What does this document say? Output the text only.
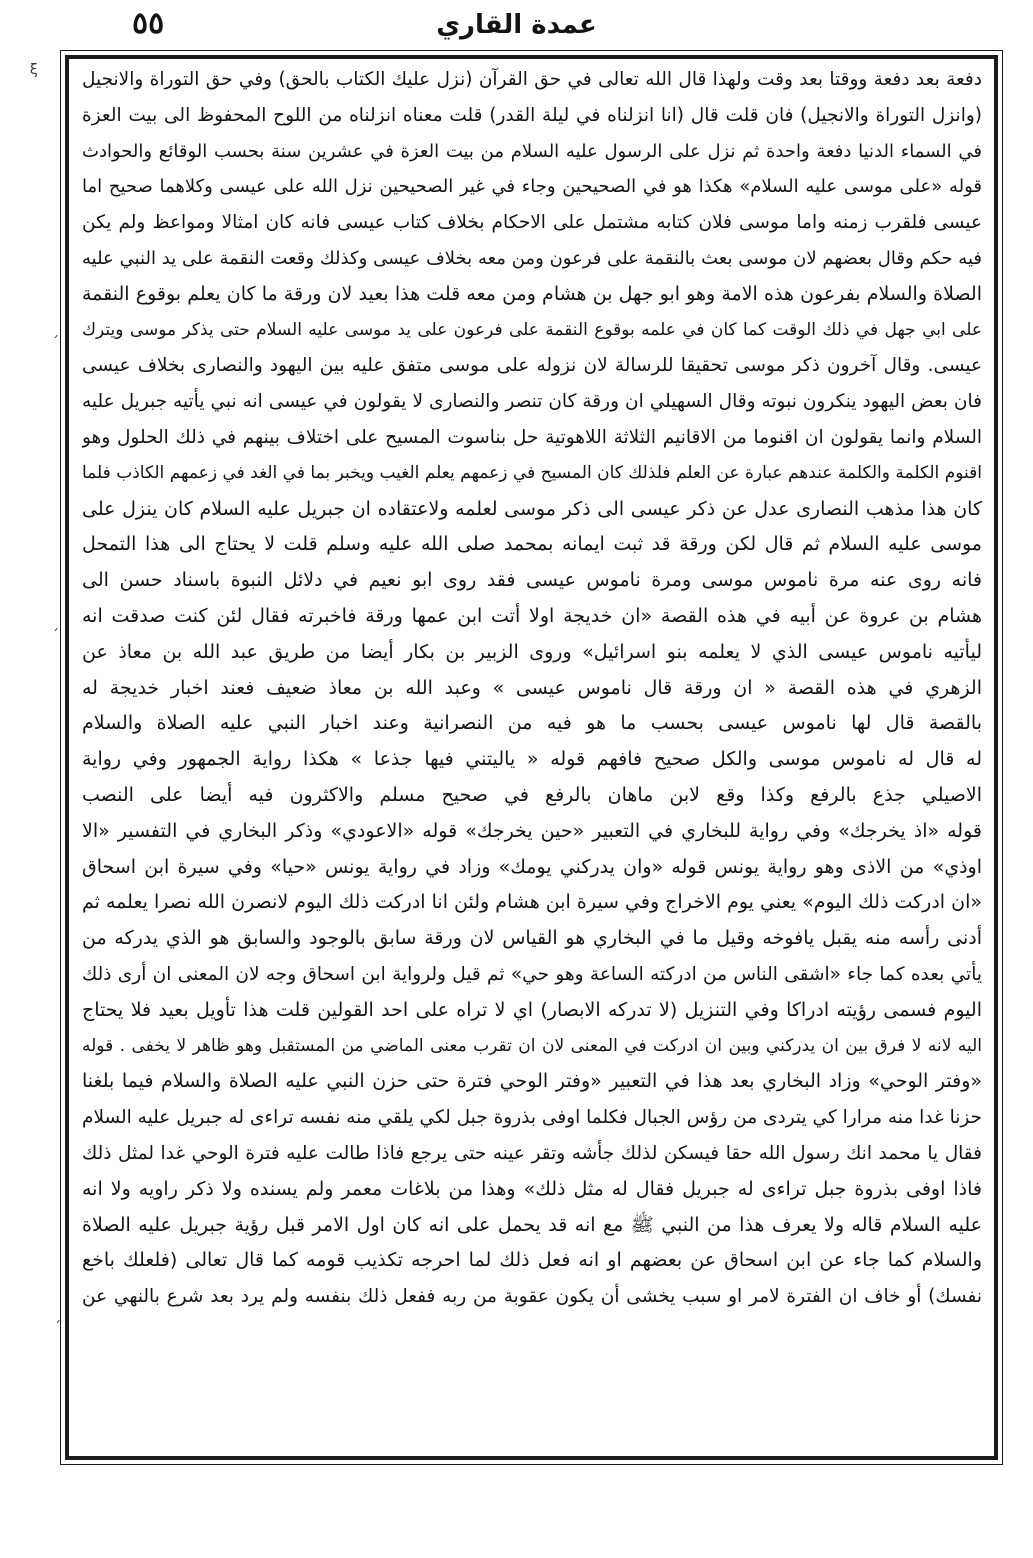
٥٥	عمدة القاري
ξ
ˊ
ˊ
ˊ
دفعة بعد دفعة ووقتا بعد وقت ولهذا قال الله تعالى في حق القرآن (نزل عليك الكتاب بالحق) وفي حق التوراة والانجيل
(وانزل التوراة والانجيل) فان قلت قال (انا انزلناه في ليلة القدر) قلت معناه انزلناه من اللوح المحفوظ الى بيت العزة
في السماء الدنيا دفعة واحدة ثم نزل على الرسول عليه السلام من بيت العزة في عشرين سنة بحسب الوقائع والحوادث
قوله «على موسى عليه السلام» هكذا هو في الصحيحين وجاء في غير الصحيحين نزل الله على عيسى وكلاهما صحيح اما
عيسى فلقرب زمنه واما موسى فلان كتابه مشتمل على الاحكام بخلاف كتاب عيسى فانه كان امثالا ومواعظ ولم يكن
فيه حكم وقال بعضهم لان موسى بعث بالنقمة على فرعون ومن معه بخلاف عيسى وكذلك وقعت النقمة على يد النبي عليه
الصلاة والسلام بفرعون هذه الامة وهو ابو جهل بن هشام ومن معه قلت هذا بعيد لان ورقة ما كان يعلم بوقوع النقمة
على ابي جهل في ذلك الوقت كما كان في علمه بوقوع النقمة على فرعون على يد موسى عليه السلام حتى يذكر موسى ويترك
عيسى. وقال آخرون ذكر موسى تحقيقا للرسالة لان نزوله على موسى متفق عليه بين اليهود والنصارى بخلاف عيسى
فان بعض اليهود ينكرون نبوته وقال السهيلي ان ورقة كان تنصر والنصارى لا يقولون في عيسى انه نبي يأتيه جبريل عليه
السلام وانما يقولون ان اقنوما من الاقانيم الثلاثة اللاهوتية حل بناسوت المسيح على اختلاف بينهم في ذلك الحلول وهو
اقنوم الكلمة والكلمة عندهم عبارة عن العلم فلذلك كان المسيح في زعمهم يعلم الغيب ويخبر بما في الغد في زعمهم الكاذب فلما
كان هذا مذهب النصارى عدل عن ذكر عيسى الى ذكر موسى لعلمه ولاعتقاده ان جبريل عليه السلام كان ينزل على
موسى عليه السلام ثم قال لكن ورقة قد ثبت ايمانه بمحمد صلى الله عليه وسلم قلت لا يحتاج الى هذا التمحل
فانه روى عنه مرة ناموس موسى ومرة ناموس عيسى فقد روى ابو نعيم في دلائل النبوة باسناد حسن الى
هشام بن عروة عن أبيه في هذه القصة «ان خديجة اولا أتت ابن عمها ورقة فاخبرته فقال لئن كنت صدقت انه
ليأتيه ناموس عيسى الذي لا يعلمه بنو اسرائيل» وروى الزبير بن بكار أيضا من طريق عبد الله بن معاذ عن
الزهري في هذه القصة « ان ورقة قال ناموس عيسى » وعبد الله بن معاذ ضعيف فعند اخبار خديجة له
بالقصة قال لها ناموس عيسى بحسب ما هو فيه من النصرانية وعند اخبار النبي عليه الصلاة والسلام
له قال له ناموس موسى والكل صحيح فافهم قوله « ياليتني فيها جذعا » هكذا رواية الجمهور وفي رواية
الاصيلي جذع بالرفع وكذا وقع لابن ماهان بالرفع في صحيح مسلم والاكثرون فيه أيضا على النصب
قوله «اذ يخرجك» وفي رواية للبخاري في التعبير «حين يخرجك» قوله «الاعودي» وذكر البخاري في التفسير «الا
اوذي» من الاذى وهو رواية يونس قوله «وان يدركني يومك» وزاد في رواية يونس «حيا» وفي سيرة ابن اسحاق
«ان ادركت ذلك اليوم» يعني يوم الاخراج وفي سيرة ابن هشام ولئن انا ادركت ذلك اليوم لانصرن الله نصرا يعلمه ثم
أدنى رأسه منه يقبل يافوخه وقيل ما في البخاري هو القياس لان ورقة سابق بالوجود والسابق هو الذي يدركه من
يأتي بعده كما جاء «اشقى الناس من ادركته الساعة وهو حي» ثم قيل ولرواية ابن اسحاق وجه لان المعنى ان أرى ذلك
اليوم فسمى رؤيته ادراكا وفي التنزيل (لا تدركه الابصار) اي لا تراه على احد القولين قلت هذا تأويل بعيد فلا يحتاج
اليه لانه لا فرق بين ان يدركني وبين ان ادركت في المعنى لان ان تقرب معنى الماضي من المستقبل وهو ظاهر لا يخفى . قوله
«وفتر الوحي» وزاد البخاري بعد هذا في التعبير «وفتر الوحي فترة حتى حزن النبي عليه الصلاة والسلام فيما بلغنا
حزنا غدا منه مرارا كي يتردى من رؤس الجبال فكلما اوفى بذروة جبل لكي يلقي منه نفسه تراءى له جبريل عليه السلام
فقال يا محمد انك رسول الله حقا فيسكن لذلك جأشه وتقر عينه حتى يرجع فاذا طالت عليه فترة الوحي غدا لمثل ذلك
فاذا اوفى بذروة جبل تراءى له جبريل فقال له مثل ذلك» وهذا من بلاغات معمر ولم يسنده ولا ذكر راويه ولا انه
عليه السلام قاله ولا يعرف هذا من النبي ﷺ مع انه قد يحمل على انه كان اول الامر قبل رؤية جبريل عليه الصلاة
والسلام كما جاء عن ابن اسحاق عن بعضهم او انه فعل ذلك لما احرجه تكذيب قومه كما قال تعالى (فلعلك باخع
نفسك) أو خاف ان الفترة لامر او سبب يخشى أن يكون عقوبة من ربه ففعل ذلك بنفسه ولم يرد بعد شرع بالنهي عن
